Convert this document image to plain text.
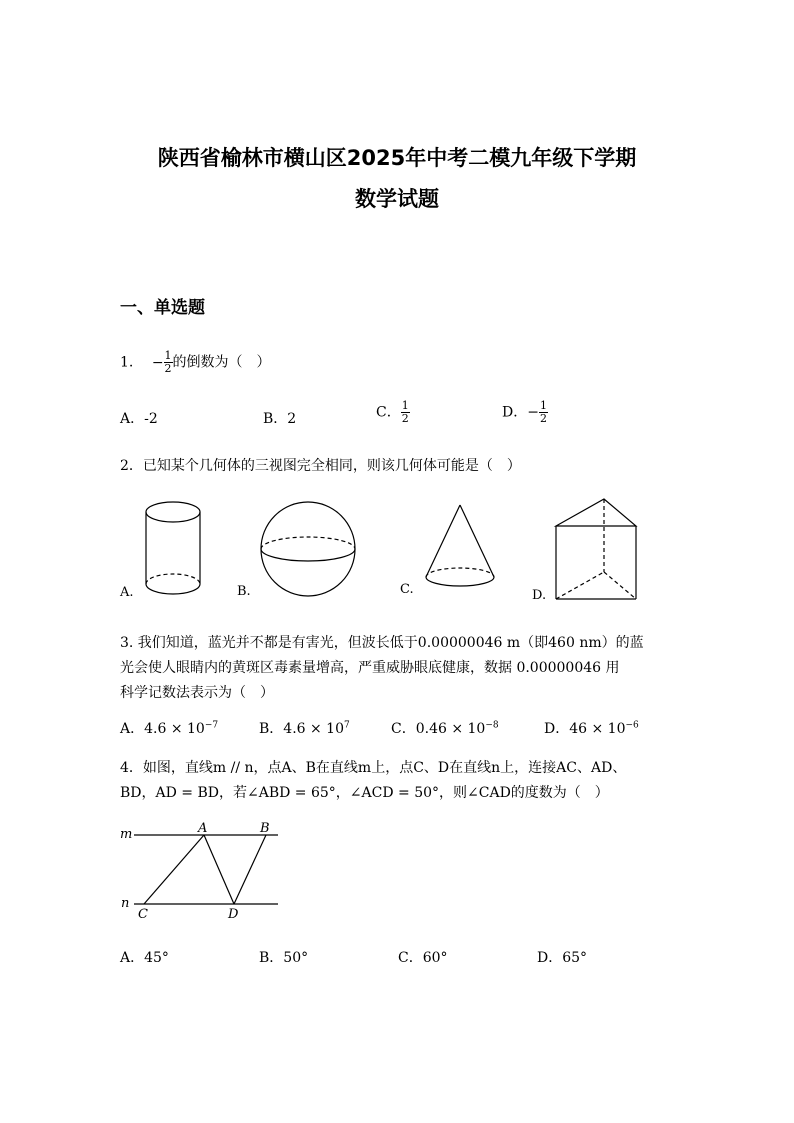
陕西省榆林市横山区2025年中考二模九年级下学期
数学试题
一、单选题
1. − $\frac{1}{2}$ 的倒数为（　）
A．-2	B．2	C． $\frac{1}{2}$	D．− $\frac{1}{2}$
2．已知某个几何体的三视图完全相同，则该几何体可能是（　）
A.	B.	C.	D.
3. 我们知道，蓝光并不都是有害光，但波长低于0.00000046 m（即460 nm）的蓝
光会使人眼睛内的黄斑区毒素量增高，严重威胁眼底健康，数据 0.00000046 用
科学记数法表示为（　）
A．$4.6 \times 10^{-7}$	B．$4.6 \times 10^7$	C．$0.46 \times 10^{-8}$	D．$46 \times 10^{-6}$
4．如图，直线m // n，点A、B在直线m上，点C、D在直线n上，连接AC、AD、
BD，AD = BD，若∠ABD = 65°，∠ACD = 50°，则∠CAD的度数为（　）
m	A	B
n
C	D
A．45°	B．50°	C．60°	D．65°
